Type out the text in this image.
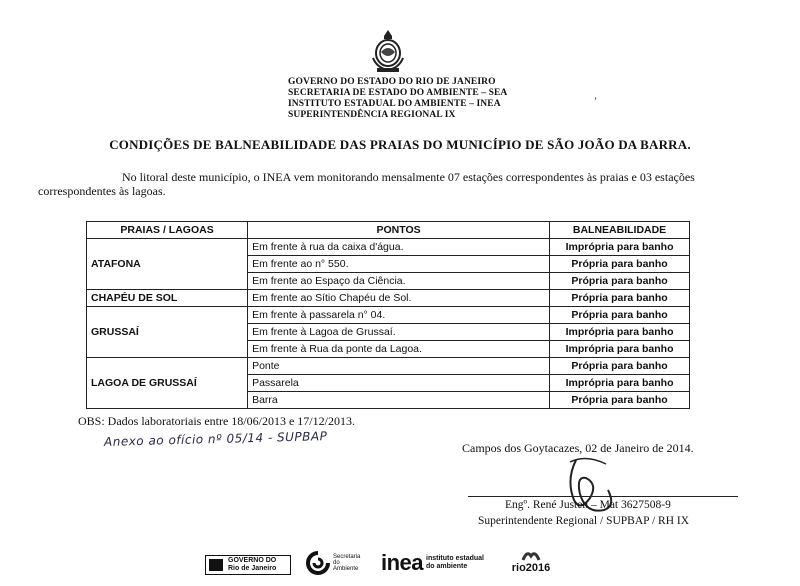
GOVERNO DO ESTADO DO RIO DE JANEIRO
SECRETARIA DE ESTADO DO AMBIENTE – SEA
INSTITUTO ESTADUAL DO AMBIENTE – INEA
SUPERINTENDÊNCIA REGIONAL IX
ʼ
CONDIÇÕES DE BALNEABILIDADE DAS PRAIAS DO MUNICÍPIO DE SÃO JOÃO DA BARRA.
No litoral deste município, o INEA vem monitorando mensalmente 07 estações correspondentes às praias e 03 estações correspondentes às lagoas.
PRAIAS / LAGOAS	PONTOS	BALNEABILIDADE
ATAFONA	Em frente à rua da caixa d'água.	Imprópria para banho
	Em frente ao n° 550.	Própria para banho
	Em frente ao Espaço da Ciência.	Própria para banho
CHAPÉU DE SOL	Em frente ao Sítio Chapéu de Sol.	Própria para banho
GRUSSAÍ	Em frente à passarela n° 04.	Própria para banho
	Em frente à Lagoa de Grussaí.	Imprópria para banho
	Em frente à Rua da ponte da Lagoa.	Imprópria para banho
LAGOA DE GRUSSAÍ	Ponte	Própria para banho
	Passarela	Imprópria para banho
	Barra	Própria para banho
OBS: Dados laboratoriais entre 18/06/2013 e 17/12/2013.
Anexo ao ofício nº 05/14 - SUPBAP	Campos dos Goytacazes, 02 de Janeiro de 2014.
Engº. René Justen – Mat 3627508-9
Superintendente Regional / SUPBAP / RH IX
GOVERNO DO
Rio de Janeiro
Secretaria do Ambiente inea instituto estadual
do ambiente	rio2016
